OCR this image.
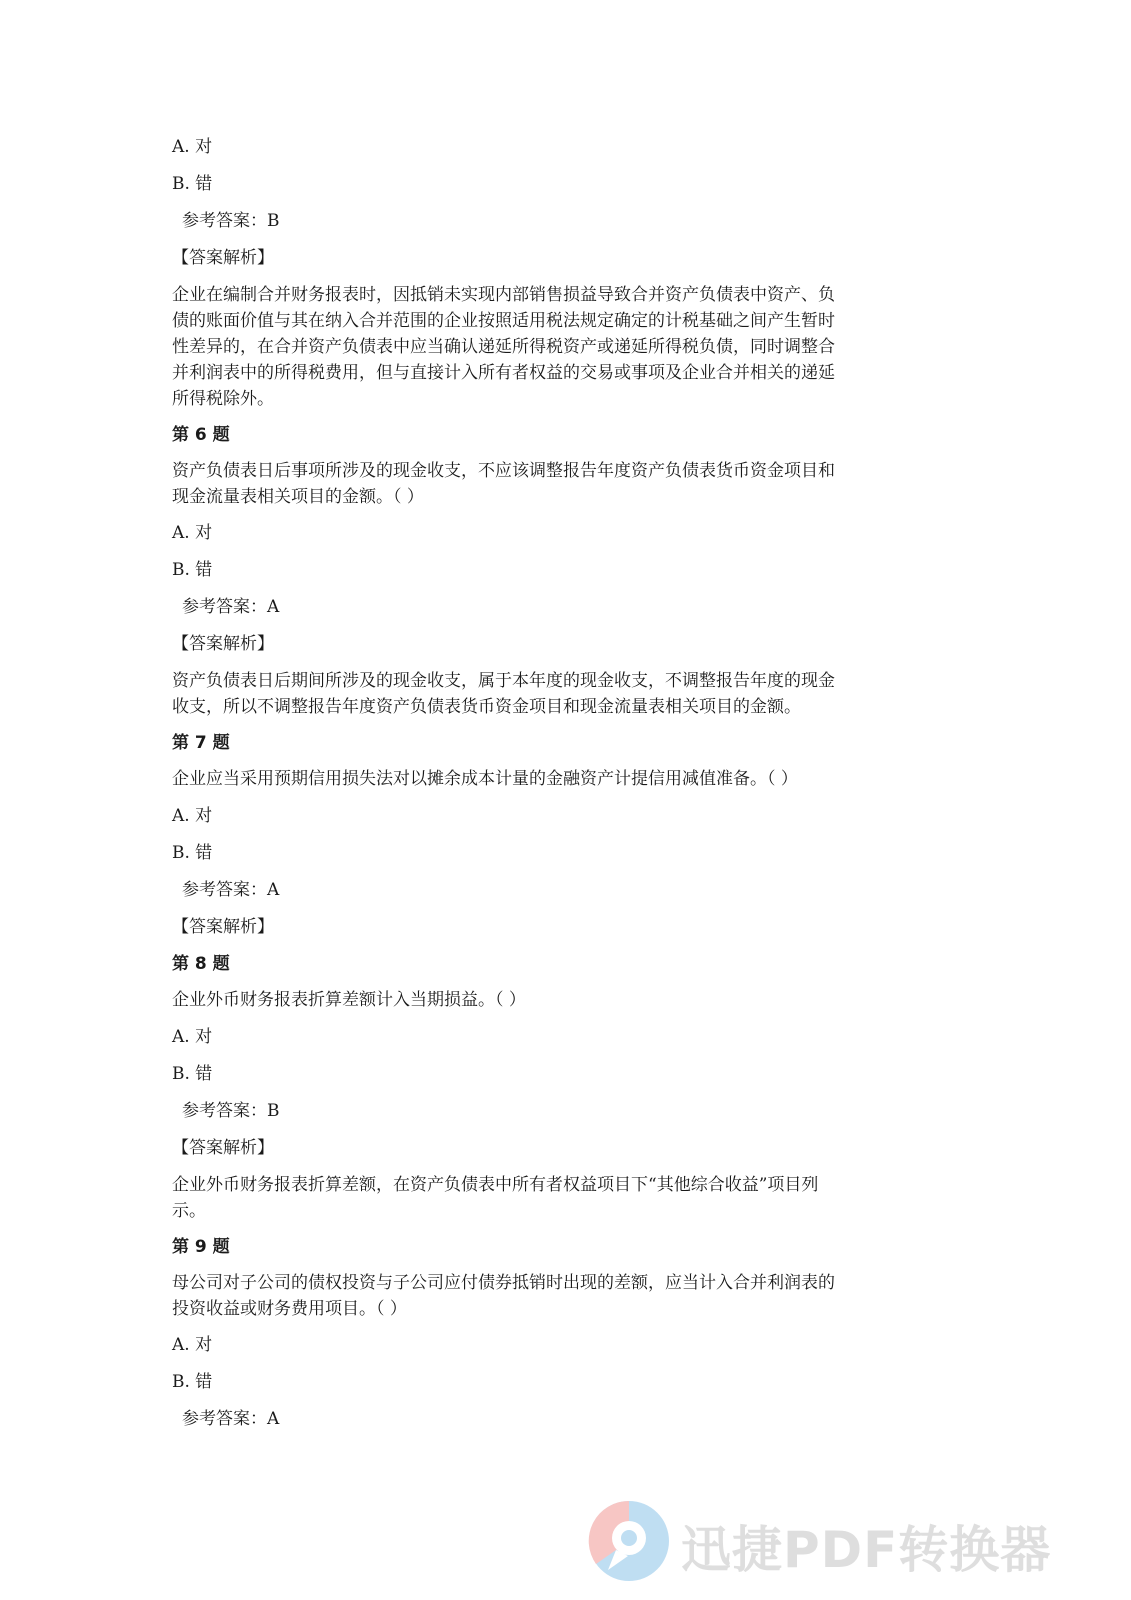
A. 对
B. 错
参考答案：B
【答案解析】
企业在编制合并财务报表时，因抵销未实现内部销售损益导致合并资产负债表中资产、负
债的账面价值与其在纳入合并范围的企业按照适用税法规定确定的计税基础之间产生暂时
性差异的，在合并资产负债表中应当确认递延所得税资产或递延所得税负债，同时调整合
并利润表中的所得税费用，但与直接计入所有者权益的交易或事项及企业合并相关的递延
所得税除外。
第 6 题
资产负债表日后事项所涉及的现金收支，不应该调整报告年度资产负债表货币资金项目和
现金流量表相关项目的金额。（ ）
A. 对
B. 错
参考答案：A
【答案解析】
资产负债表日后期间所涉及的现金收支，属于本年度的现金收支，不调整报告年度的现金
收支，所以不调整报告年度资产负债表货币资金项目和现金流量表相关项目的金额。
第 7 题
企业应当采用预期信用损失法对以摊余成本计量的金融资产计提信用减值准备。（ ）
A. 对
B. 错
参考答案：A
【答案解析】
第 8 题
企业外币财务报表折算差额计入当期损益。（ ）
A. 对
B. 错
参考答案：B
【答案解析】
企业外币财务报表折算差额，在资产负债表中所有者权益项目下“其他综合收益”项目列
示。
第 9 题
母公司对子公司的债权投资与子公司应付债券抵销时出现的差额，应当计入合并利润表的
投资收益或财务费用项目。（ ）
A. 对
B. 错
参考答案：A
迅捷PDF转换器
